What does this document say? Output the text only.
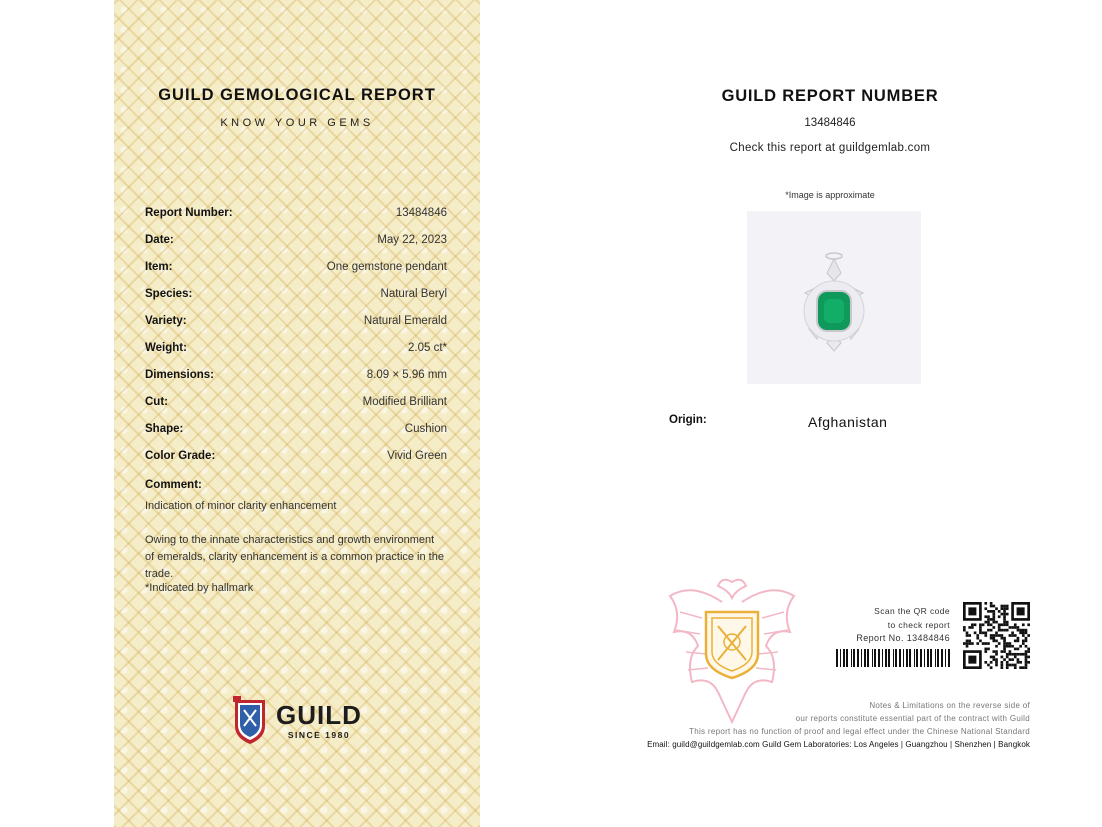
GUILD GEMOLOGICAL REPORT
KNOW YOUR GEMS
Report Number:	13484846
Date:	May 22, 2023
Item:	One gemstone pendant
Species:	Natural Beryl
Variety:	Natural Emerald
Weight:	2.05 ct*
Dimensions:	8.09 × 5.96 mm
Cut:	Modified Brilliant
Shape:	Cushion
Color Grade:	Vivid Green
Comment:
Indication of minor clarity enhancement
Owing to the innate characteristics and growth environment of emeralds, clarity enhancement is a common practice in the trade.
*Indicated by hallmark
GUILD
SINCE 1980
GUILD REPORT NUMBER
13484846
Check this report at guildgemlab.com
*Image is approximate
Origin:	Afghanistan
Scan the QR code
to check report
Report No. 13484846
Notes & Limitations on the reverse side of
our reports constitute essential part of the contract with Guild
This report has no function of proof and legal effect under the Chinese National Standard
Email: guild@guildgemlab.com Guild Gem Laboratories: Los Angeles | Guangzhou | Shenzhen | Bangkok
